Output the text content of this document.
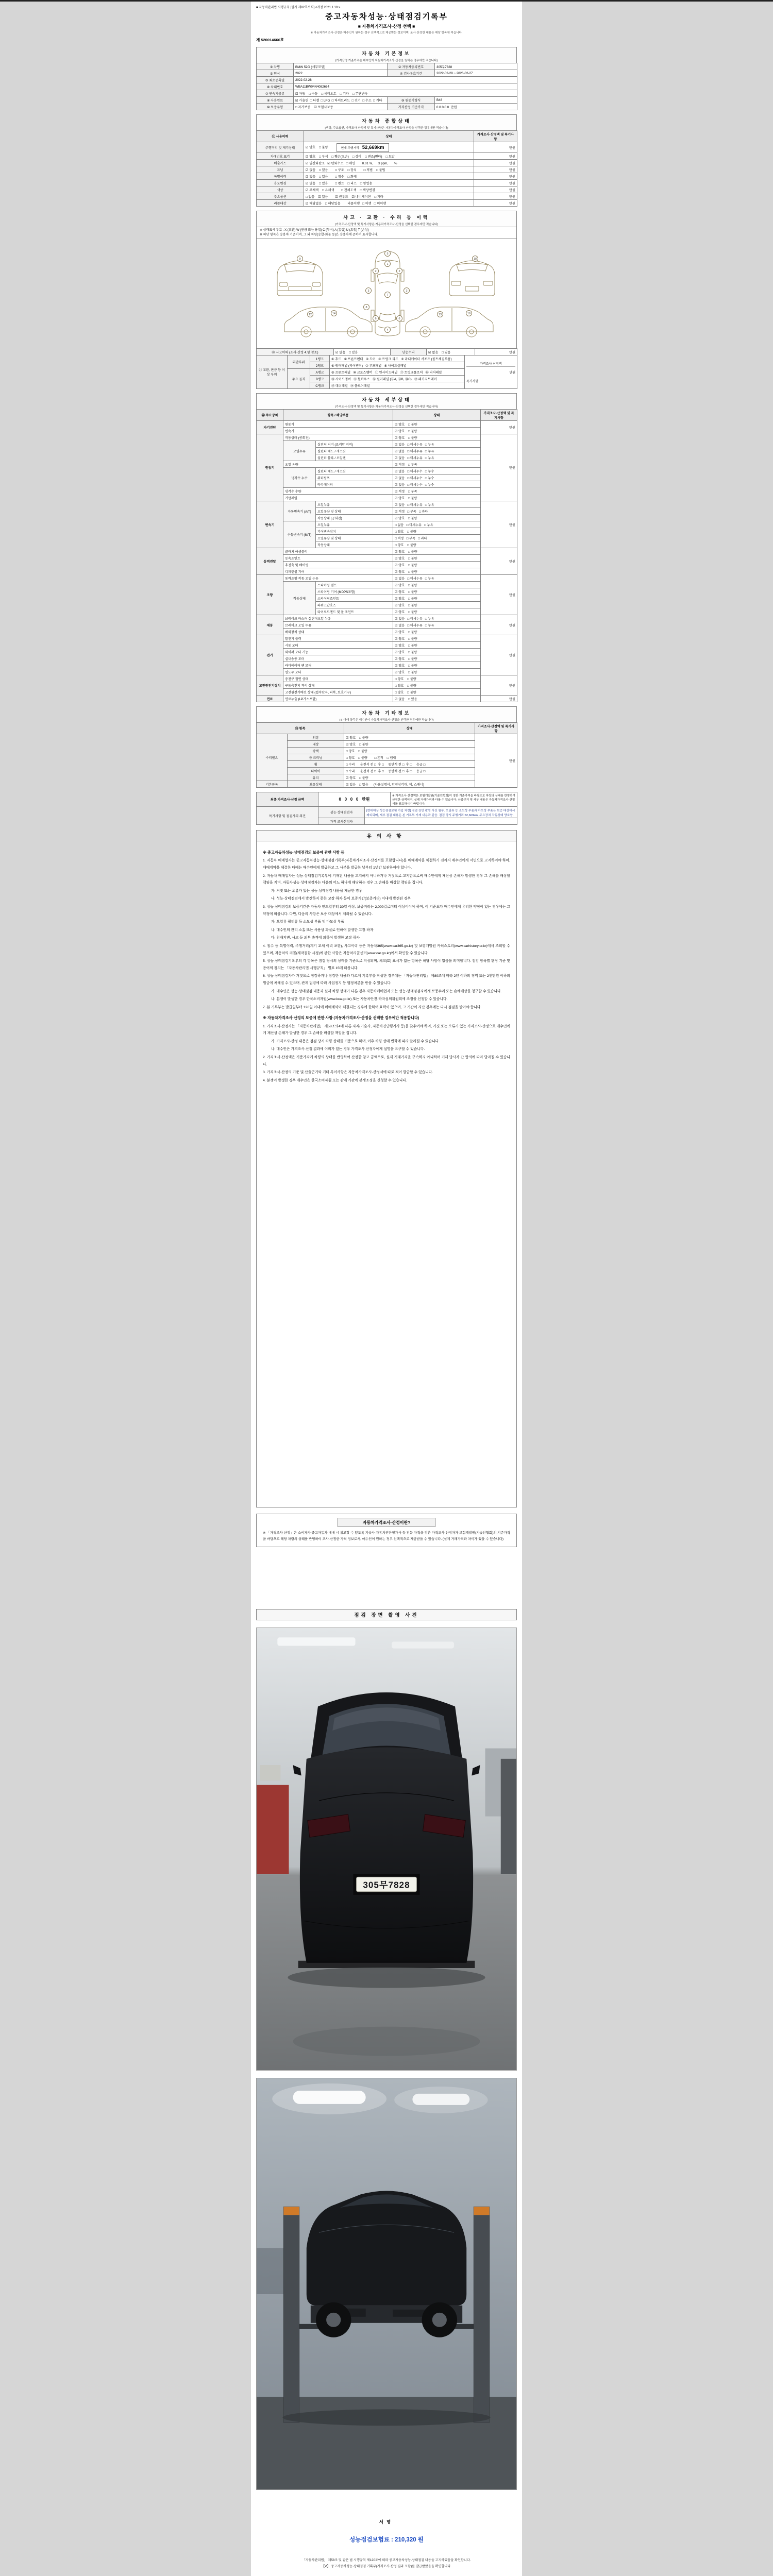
■ 자동차관리법 시행규칙 [별지 제82호서식] <개정 2021.1.19.>
중고자동차성능·상태점검기록부
■ 자동차가격조사·산정 선택 ■
※ 자동차가격조사·산정은 매수인이 원하는 경우 선택적으로 제공받는 정보이며, 조사·산정한 내용은 해당 항목에 적습니다.
제 520014666호
자동차 기본정보
(가격산정 기준가격은 매수인이 자동차가격조사·산정을 원하는 경우에만 적습니다)
① 차명	BMW 520i (세부모델)	② 자동차등록번호	305무7828
③ 연식	2022	④ 검사유효기간	2022-02-28 ~ 2026-02-27
⑤ 최초등록일	2022-02-28		
⑥ 차대번호	WBA11BW04N4082664		
⑦ 변속기종류	☑ 자동    □ 수동    □ 세미오토    □ 기타    □ 무단변속		
⑧ 사용연료	☑ 가솔린  □ 디젤  □ LPG  □ 하이브리드  □ 전기  □ 수소  □ 기타	⑨ 원동기형식	B48
⑩ 보증유형	□ 자가보증    ☑ 보험사보증	가격산정 기준가격	0 0 0 0 0  만원
자동차 종합상태
(색상, 주요옵션, 가격조사·산정액 및 특기사항은 자동차가격조사·산정을 선택한 경우에만 적습니다)
⑪ 사용이력	상태	가격조사·산정액 및 특기사항
주행거리 및 계기상태	☑ 양호    □ 불량 현재 주행거리 52,669km	만원
차대번호 표기	☑ 양호    □ 부식    □ 훼손(오손)    □ 상이    □ 변조(변타)    □ 도말	만원
배출가스	☑ 일산화탄소   ☑ 탄화수소   □ 매연        0.01 %,      3 ppm,       %	만원
튜닝	☑ 없음    □ 있음        □ 구조    □ 장치        □ 적법    □ 불법	만원
특별이력	☑ 없음    □ 있음        □ 침수    □ 화재	만원
용도변경	☑ 없음    □ 있음        □ 렌트    □ 리스    □ 영업용	만원
색상	☑ 무채색    □ 유채색        □ 전체도색    □ 색상변경	만원
주요옵션	□ 없음    ☑ 있음        ☑ 썬루프    ☑ 네비게이션    □ 기타	만원
리콜대상	☑ 해당없음    □ 해당있음        리콜이행   □ 이행   □ 미이행	만원
사고 · 교환 · 수리 등 이력
(가격조사·산정액 및 특기사항은 자동차가격조사·산정을 선택한 경우에만 적습니다)
※ 상태표시 부호 : X (교환) W (판금 또는 용접) C (부식) A (흠집) U (요철) T (손상)
※ 하단 항목은 승용차 기준이며, 그 외 차량(승합·화물 등)은 승용차에 준하여 표시합니다.
5
1
2	2
3	3
7
8
6	6
4
9	18
12	14	13	16
⑳ 사고이력 (조사·산정 4.항 참조)	☑ 없음    □ 있음	단순수리	☑ 없음    □ 있음	만원
㉑ 교환, 판금 등 이상 부위	외판부위	1랭크	① 후드   ② 프론트펜더   ③ 도어   ④ 트렁크 리드   ⑤ 라디에이터 서포트 (볼트체결부품)	가격조사·산정액
만원
특기사항

		2랭크	⑥ 쿼터패널 (리어펜더)   ⑦ 루프패널   ⑧ 사이드실패널	
	주요 골격	A랭크	⑨ 프론트패널   ⑩ 크로스멤버   ⑪ 인사이드패널   ⑰ 트렁크플로어   ⑱ 리어패널	
		B랭크	⑫ 사이드멤버   ⑬ 휠하우스   ⑭ 필러패널 (⑭A, ⑭B, ⑭C)   ⑲ 패키지트레이	
		C랭크	⑮ 대쉬패널   ⑯ 플로어패널	
자동차 세부상태
(가격조사·산정액 및 특기사항은 자동차가격조사·산정을 선택한 경우에만 적습니다)
㉒ 주요장치	항목 / 해당부품		상태	가격조사·산정액 및 특기사항
자기진단	원동기		☑ 양호    □ 불량	만원
	변속기		☑ 양호    □ 불량	
원동기	작동상태 (공회전)		☑ 양호    □ 불량	만원
	오일누유	실린더 커버 (로커암 커버)	☑ 없음   □ 미세누유   □ 누유	
		실린더 헤드 / 개스킷	☑ 없음   □ 미세누유   □ 누유	
		실린더 블록 / 오일팬	☑ 없음   □ 미세누유   □ 누유	
	오일 유량		☑ 적정    □ 부족	
	냉각수 누수	실린더 헤드 / 개스킷	☑ 없음   □ 미세누수   □ 누수	
		워터펌프	☑ 없음   □ 미세누수   □ 누수	
		라디에이터	☑ 없음   □ 미세누수   □ 누수	
	냉각수 수량		☑ 적정    □ 부족	
	커먼레일		☑ 양호    □ 불량	
변속기	자동변속기 (A/T)	오일누유	☑ 없음   □ 미세누유   □ 누유	만원
		오일유량 및 상태	☑ 적정   □ 부족   □ 과다	
		작동상태 (공회전)	☑ 양호    □ 불량	
	수동변속기 (M/T)	오일누유	□ 없음   □ 미세누유   □ 누유	
		기어변속장치	□ 양호    □ 불량	
		오일유량 및 상태	□ 적정   □ 부족   □ 과다	
		작동상태	□ 양호    □ 불량	
동력전달	클러치 어셈블리		☑ 양호    □ 불량	만원
	등속조인트		☑ 양호    □ 불량	
	추진축 및 베어링		☑ 양호    □ 불량	
	디퍼렌셜 기어		☑ 양호    □ 불량	
조향	동력조향 작동 오일 누유		☑ 없음   □ 미세누유   □ 누유	만원
	작동상태	스티어링 펌프	☑ 양호    □ 불량	
		스티어링 기어 (MDPS포함)	☑ 양호    □ 불량	
		스티어링조인트	☑ 양호    □ 불량	
		파워고압호스	☑ 양호    □ 불량	
		타이로드엔드 및 볼 조인트	☑ 양호    □ 불량	
제동	브레이크 마스터 실린더오일 누유		☑ 없음   □ 미세누유   □ 누유	만원
	브레이크 오일 누유		☑ 없음   □ 미세누유   □ 누유	
	배력장치 상태		☑ 양호    □ 불량	
전기	발전기 출력		☑ 양호    □ 불량	만원
	시동 모터		☑ 양호    □ 불량	
	와이퍼 모터 기능		☑ 양호    □ 불량	
	실내송풍 모터		☑ 양호    □ 불량	
	라디에이터 팬 모터		☑ 양호    □ 불량	
	윈도우 모터		☑ 양호    □ 불량	
고전원전기장치	충전구 절연 상태		□ 양호    □ 불량	만원
	구동축전지 격리 상태		□ 양호    □ 불량	
	고전원전기배선 상태 (접속단자, 피복, 보호기구)		□ 양호    □ 불량	
연료	연료누출 (LP가스포함)		☑ 없음    □ 있음	만원
자동차 기타정보
(※ 아래 항목은 매수인이 자동차가격조사·산정을 선택한 경우에만 적습니다)
㉓ 항목		상태	가격조사·산정액 및 특기사항
수리필요	외장	☑ 양호    □ 불량	만원
	내장	☑ 양호    □ 불량	
	광택	□ 양호    □ 불량	
	룸 크리닝	□ 양호    □ 불량        □ 흔적    □ 냄새	
	휠	□ 수리      운전석 전 □  후 □     동반석 전 □  후 □     응급 □	
	타이어	□ 수리      운전석 전 □  후 □     동반석 전 □  후 □     응급 □	
	유리	☑ 양호    □ 불량	
기본품목	보유상태	☑ 있음    □ 없음      (사용설명서, 안전삼각대, 잭, 스패너)	
최종 가격조사·산정 금액	0   0   0   0   만원	※ 가격조사·산정액은 보험개발원(기술인협회)이 정한 기준가격을 바탕으로 차량의 상태를 반영하여 산정한 금액이며, 실제 거래가격과 다를 수 있습니다. 산출근거 및 세부 내용은 자동차가격조사·산정서를 참고하시기 바랍니다.
특기사항 및 점검자의 의견	성능·상태점검자	[현대해상 성능점검보험 가입 차량] 점검 장면 촬영 사진 첨부. 오일류 등 소모성 부품과 마모성 부품은 보증 대상에서 제외되며, 세부 점검 내용은 본 기록부 기재 내용과 같음. 점검 당시 주행거리 52,669km, 주요장치 작동상태 양호함.
	가격·조사산정자	
유의사항
※ 중고자동차성능·상태점검의 보증에 관한 사항 등

1. 자동차 매매업자는 중고자동차성능·상태점검기록부(자동차가격조사·산정서를 포함합니다)를 매매계약을 체결하기 전까지 매수인에게 서면으로 고지하여야 하며, 매매계약을 체결한 때에는 매수인에게 발급하고 그 사본을 발급한 날부터 1년간 보관하여야 합니다.

2. 자동차 매매업자는 성능·상태점검기록부에 기재된 내용을 고지하지 아니하거나 거짓으로 고지함으로써 매수인에게 재산상 손해가 발생한 경우 그 손해를 배상할 책임을 지며, 자동차성능·상태점검자는 다음의 어느 하나에 해당하는 경우 그 손해를 배상할 책임을 집니다.

가. 거짓 또는 오류가 있는 성능·상태점검 내용을 제공한 경우

나. 성능·상태점검에서 발견하지 못한 고장·하자 등이 보증기간(보증거리) 이내에 발견된 경우

3. 성능·상태점검의 보증기간은 자동차 인도일부터 30일 이상, 보증거리는 2,000킬로미터 이상이어야 하며, 이 기준보다 매수인에게 유리한 약정이 있는 경우에는 그 약정에 따릅니다. 다만, 다음의 사항은 보증 대상에서 제외될 수 있습니다.

가. 오일류·필터류 등 소모성 부품 및 마모성 부품

나. 매수인의 관리 소홀 또는 사용상 과실로 인하여 발생한 고장·하자

다. 천재지변, 사고 등 외부 충격에 의하여 발생한 고장·하자

4. 침수 등 특별이력, 주행거리(계기 교체 이력 포함), 사고이력 등은 자동차365(www.car365.go.kr) 및 보험개발원 카히스토리(www.carhistory.or.kr)에서 조회할 수 있으며, 자동차의 리콜(제작결함 시정)에 관한 사항은 자동차리콜센터(www.car.go.kr)에서 확인할 수 있습니다.

5. 성능·상태점검기록부의 각 항목은 점검 당시의 상태를 기준으로 작성되며, 체크(☑) 표시가 없는 항목은 해당 사항이 없음을 의미합니다. 점검 항목별 판정 기준 및 용어의 정의는 「자동차관리법 시행규칙」 별표 15에 따릅니다.

6. 성능·상태점검자가 거짓으로 점검하거나 점검한 내용과 다르게 기록부를 작성한 경우에는 「자동차관리법」 제80조에 따라 2년 이하의 징역 또는 2천만원 이하의 벌금에 처해질 수 있으며, 관계 법령에 따라 사업정지 등 행정처분을 받을 수 있습니다.

가. 매수인은 성능·상태점검 내용과 실제 차량 상태가 다른 경우 자동차매매업자 또는 성능·상태점검자에게 보증수리 또는 손해배상을 청구할 수 있습니다.

나. 분쟁이 발생한 경우 한국소비자원(www.kca.go.kr) 또는 자동차안전·하자심의위원회에 조정을 신청할 수 있습니다.

7. 본 기록부는 발급일부터 120일 이내에 매매계약이 체결되는 경우에 한하여 효력이 있으며, 그 기간이 지난 경우에는 다시 점검을 받아야 합니다.

※ 자동차가격조사·산정의 보증에 관한 사항 (자동차가격조사·산정을 선택한 경우에만 적용합니다)

1. 가격조사·산정자는 「자동차관리법」 제58조의4에 따른 자격(기술사, 자동차진단평가사 등)을 갖추어야 하며, 거짓 또는 오류가 있는 가격조사·산정으로 매수인에게 재산상 손해가 발생한 경우 그 손해를 배상할 책임을 집니다.

가. 가격조사·산정 내용은 점검 당시 차량 상태를 기준으로 하며, 이후 차량 상태 변화에 따라 달라질 수 있습니다.

나. 매수인은 가격조사·산정 결과에 이의가 있는 경우 가격조사·산정자에게 설명을 요구할 수 있습니다.

2. 가격조사·산정액은 기준가격에 차량의 상태를 반영하여 산정한 참고 금액으로, 실제 거래가격을 구속하지 아니하며 거래 당사자 간 합의에 따라 달라질 수 있습니다.

3. 가격조사·산정의 기준 및 산출근거와 기타 특이사항은 자동차가격조사·산정서에 따로 적어 발급할 수 있습니다.

4. 분쟁이 발생한 경우 매수인은 한국소비자원 또는 관계 기관에 분쟁조정을 신청할 수 있습니다.

자동차가격조사·산정이란?
※ 「가격조사·산정」은 소비자가 중고자동차 매매 시 참고할 수 있도록 기술사·자동차진단평가사 등 전문 자격을 갖춘 가격조사·산정자가 보험개발원(기술인협회)의 기준가격을 바탕으로 해당 차량의 상태를 반영하여 조사·산정한 가격 정보로서, 매수인이 원하는 경우 선택적으로 제공받을 수 있습니다. (실제 거래가격과 차이가 있을 수 있습니다)
점검 장면 촬영 사진
305무7828
서명
성능점검보험료 : 210,320 원
「자동차관리법」 제58조 및 같은 법 시행규칙 제120조에 따라 중고자동차성능·상태점검 내용을 고지하였음을 확인합니다.
【Ⅴ】 중고자동차성능·상태점검 기록부(가격조사·산정 결과 포함)를 발급받았음을 확인합니다.
